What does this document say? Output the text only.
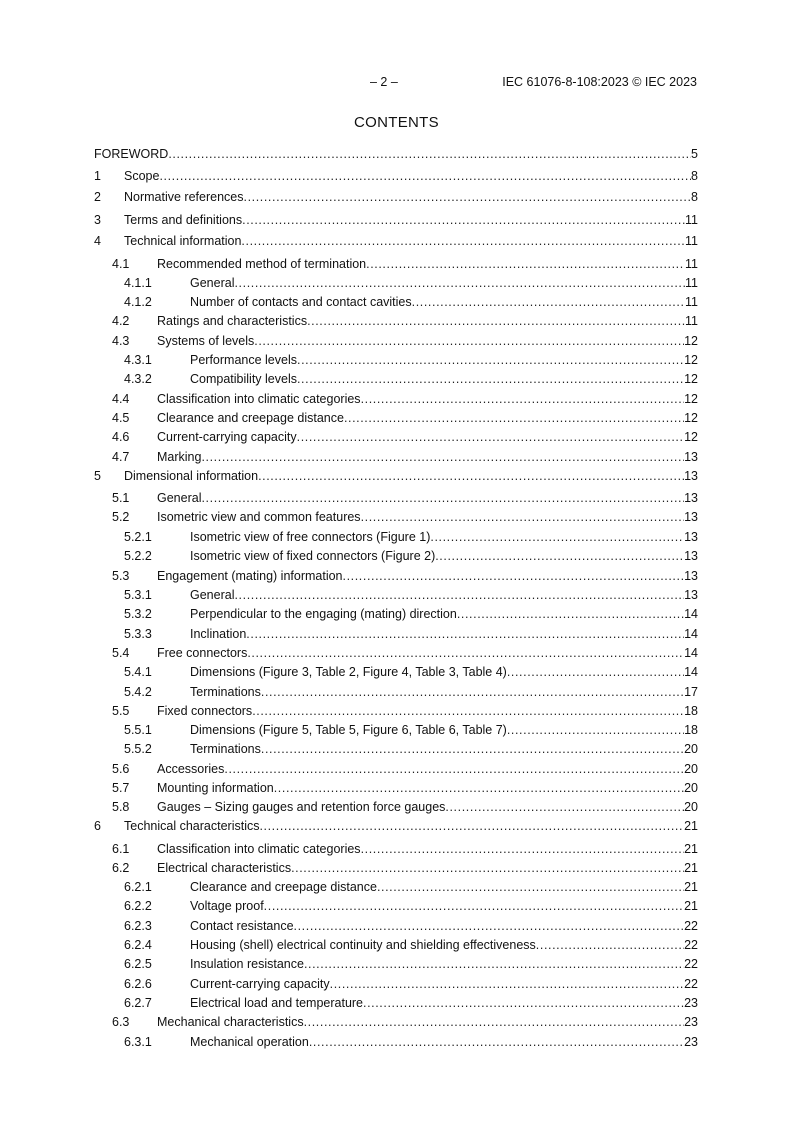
– 2 –	IEC 61076-8-108:2023 © IEC 2023
CONTENTS
FOREWORD .....	5
1	Scope .....	8
2	Normative references .....	8
3	Terms and definitions .....	11
4	Technical information .....	11
4.1	Recommended method of termination .....	11
4.1.1	General .....	11
4.1.2	Number of contacts and contact cavities .....	11
4.2	Ratings and characteristics .....	11
4.3	Systems of levels .....	12
4.3.1	Performance levels .....	12
4.3.2	Compatibility levels .....	12
4.4	Classification into climatic categories .....	12
4.5	Clearance and creepage distance .....	12
4.6	Current-carrying capacity .....	12
4.7	Marking .....	13
5	Dimensional information .....	13
5.1	General .....	13
5.2	Isometric view and common features .....	13
5.2.1	Isometric view of free connectors (Figure 1) .....	13
5.2.2	Isometric view of fixed connectors (Figure 2) .....	13
5.3	Engagement (mating) information .....	13
5.3.1	General .....	13
5.3.2	Perpendicular to the engaging (mating) direction .....	14
5.3.3	Inclination .....	14
5.4	Free connectors .....	14
5.4.1	Dimensions (Figure 3, Table 2, Figure 4, Table 3, Table 4) .....	14
5.4.2	Terminations .....	17
5.5	Fixed connectors .....	18
5.5.1	Dimensions (Figure 5, Table 5, Figure 6, Table 6, Table 7) .....	18
5.5.2	Terminations .....	20
5.6	Accessories .....	20
5.7	Mounting information .....	20
5.8	Gauges – Sizing gauges and retention force gauges .....	20
6	Technical characteristics .....	21
6.1	Classification into climatic categories .....	21
6.2	Electrical characteristics .....	21
6.2.1	Clearance and creepage distance .....	21
6.2.2	Voltage proof .....	21
6.2.3	Contact resistance .....	22
6.2.4	Housing (shell) electrical continuity and shielding effectiveness .....	22
6.2.5	Insulation resistance .....	22
6.2.6	Current-carrying capacity .....	22
6.2.7	Electrical load and temperature .....	23
6.3	Mechanical characteristics .....	23
6.3.1	Mechanical operation .....	23
